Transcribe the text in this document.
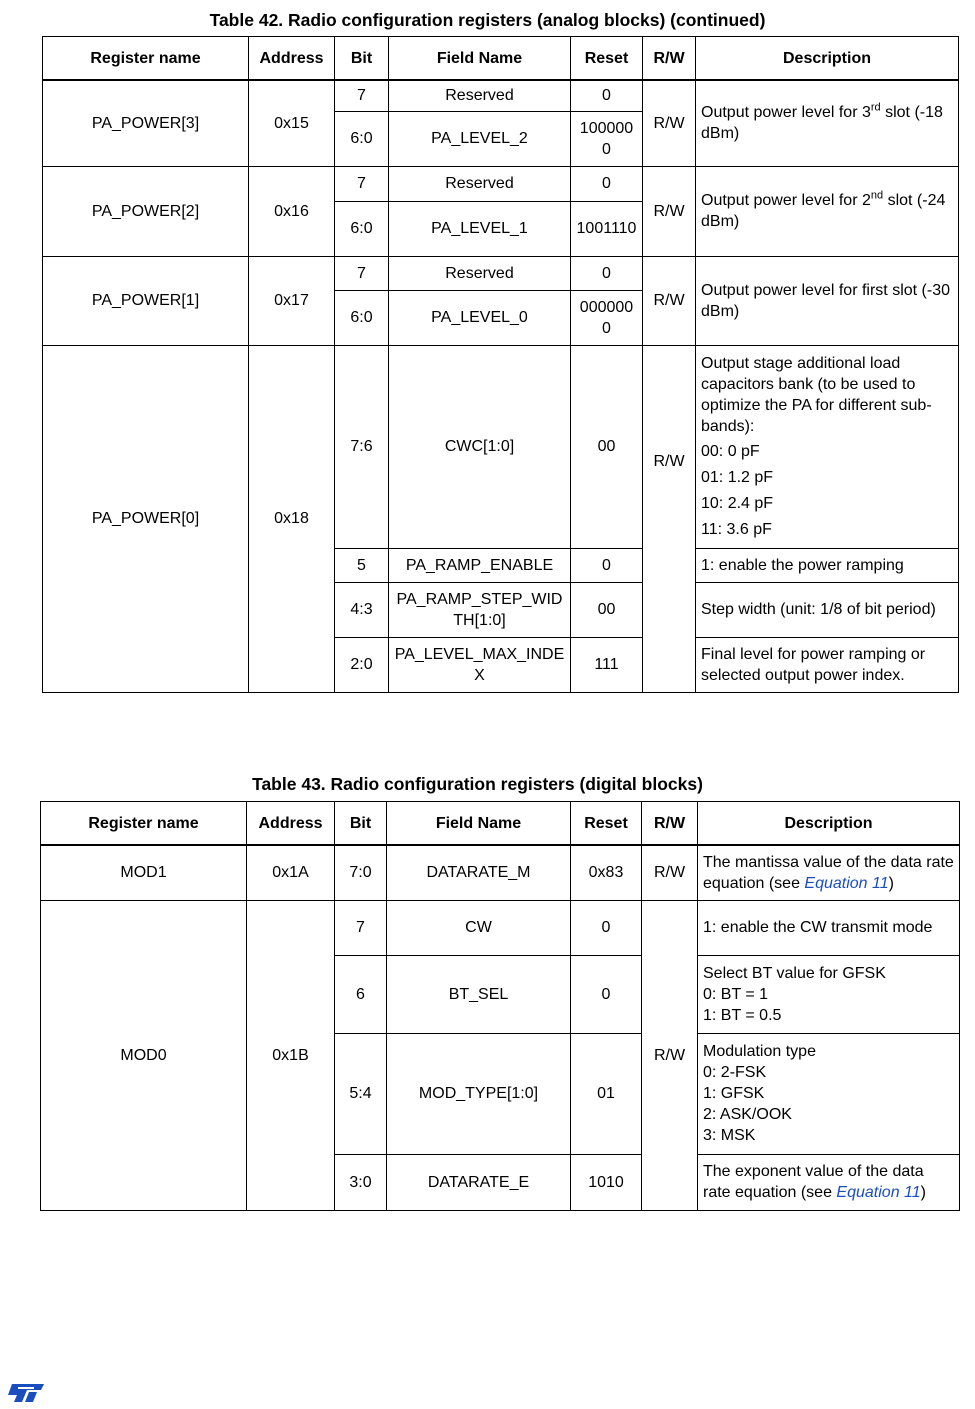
Table 42. Radio configuration registers (analog blocks) (continued)
Register name	Address	Bit	Field Name	Reset	R/W	Description
PA_POWER[3]	0x15	7	Reserved	0	R/W	Output power level for 3rd slot (-18 dBm)
		6:0	PA_LEVEL_2	1000000		
PA_POWER[2]	0x16	7	Reserved	0	R/W	Output power level for 2nd slot (-24 dBm)
		6:0	PA_LEVEL_1	1001110		
PA_POWER[1]	0x17	7	Reserved	0	R/W	Output power level for first slot (-30 dBm)
		6:0	PA_LEVEL_0	0000000		
PA_POWER[0]	0x18	7:6	CWC[1:0]	00	R/W	Output stage additional load capacitors bank (to be used to optimize the PA for different sub-bands):
00: 0 pF
01: 1.2 pF
10: 2.4 pF
11: 3.6 pF

		5	PA_RAMP_ENABLE	0		1: enable the power ramping
		4:3	PA_RAMP_STEP_WIDTH[1:0]	00		Step width (unit: 1/8 of bit period)
		2:0	PA_LEVEL_MAX_INDEX	111		Final level for power ramping or selected output power index.
Table 43. Radio configuration registers (digital blocks)
Register name	Address	Bit	Field Name	Reset	R/W	Description
MOD1	0x1A	7:0	DATARATE_M	0x83	R/W	The mantissa value of the data rate equation (see Equation 11)
MOD0	0x1B	7	CW	0	R/W	1: enable the CW transmit mode
		6	BT_SEL	0		Select BT value for GFSK
0: BT = 1
1: BT = 0.5

		5:4	MOD_TYPE[1:0]	01		Modulation type
0: 2-FSK
1: GFSK
2: ASK/OOK
3: MSK

		3:0	DATARATE_E	1010		The exponent value of the data rate equation (see Equation 11)
